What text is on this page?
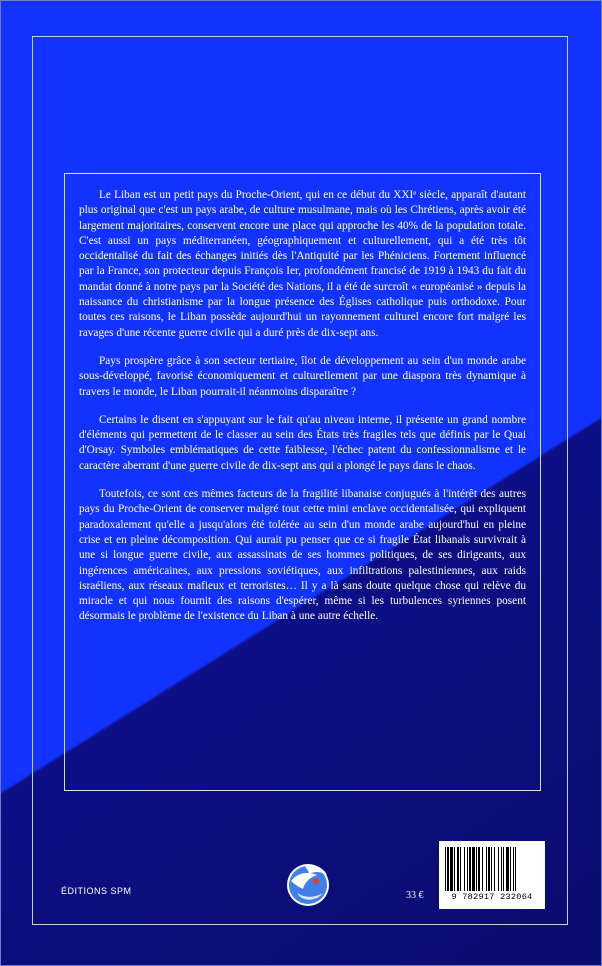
Le Liban est un petit pays du Proche-Orient, qui en ce début du XXIᵉ siècle, apparaît d'autant plus original que c'est un pays arabe, de culture musulmane, mais où les Chrétiens, après avoir été largement majoritaires, conservent encore une place qui approche les 40% de la population totale. C'est aussi un pays méditerranéen, géographiquement et culturellement, qui a été très tôt occidentalisé du fait des échanges initiés dès l'Antiquité par les Phéniciens. Fortement influencé par la France, son protecteur depuis François Ier, profondément francisé de 1919 à 1943 du fait du mandat donné à notre pays par la Société des Nations, il a été de surcroît « européanisé » depuis la naissance du christianisme par la longue présence des Églises catholique puis orthodoxe. Pour toutes ces raisons, le Liban possède aujourd'hui un rayonnement culturel encore fort malgré les ravages d'une récente guerre civile qui a duré près de dix-sept ans.

Pays prospère grâce à son secteur tertiaire, îlot de développement au sein d'un monde arabe sous-développé, favorisé économiquement et culturellement par une diaspora très dynamique à travers le monde, le Liban pourrait-il néanmoins disparaître ?

Certains le disent en s'appuyant sur le fait qu'au niveau interne, il présente un grand nombre d'éléments qui permettent de le classer au sein des États très fragiles tels que définis par le Quai d'Orsay. Symboles emblématiques de cette faiblesse, l'échec patent du confessionnalisme et le caractère aberrant d'une guerre civile de dix-sept ans qui a plongé le pays dans le chaos.

Toutefois, ce sont ces mêmes facteurs de la fragilité libanaise conjugués à l'intérêt des autres pays du Proche-Orient de conserver malgré tout cette mini enclave occidentalisée, qui expliquent paradoxalement qu'elle a jusqu'alors été tolérée au sein d'un monde arabe aujourd'hui en pleine crise et en pleine décomposition. Qui aurait pu penser que ce si fragile État libanais survivrait à une si longue guerre civile, aux assassinats de ses hommes politiques, de ses dirigeants, aux ingérences américaines, aux pressions soviétiques, aux infiltrations palestiniennes, aux raids israéliens, aux réseaux mafieux et terroristes… Il y a là sans doute quelque chose qui relève du miracle et qui nous fournit des raisons d'espérer, même si les turbulences syriennes posent désormais le problème de l'existence du Liban à une autre échelle.

ÉDITIONS SPM	33 €	9 782917 232064
